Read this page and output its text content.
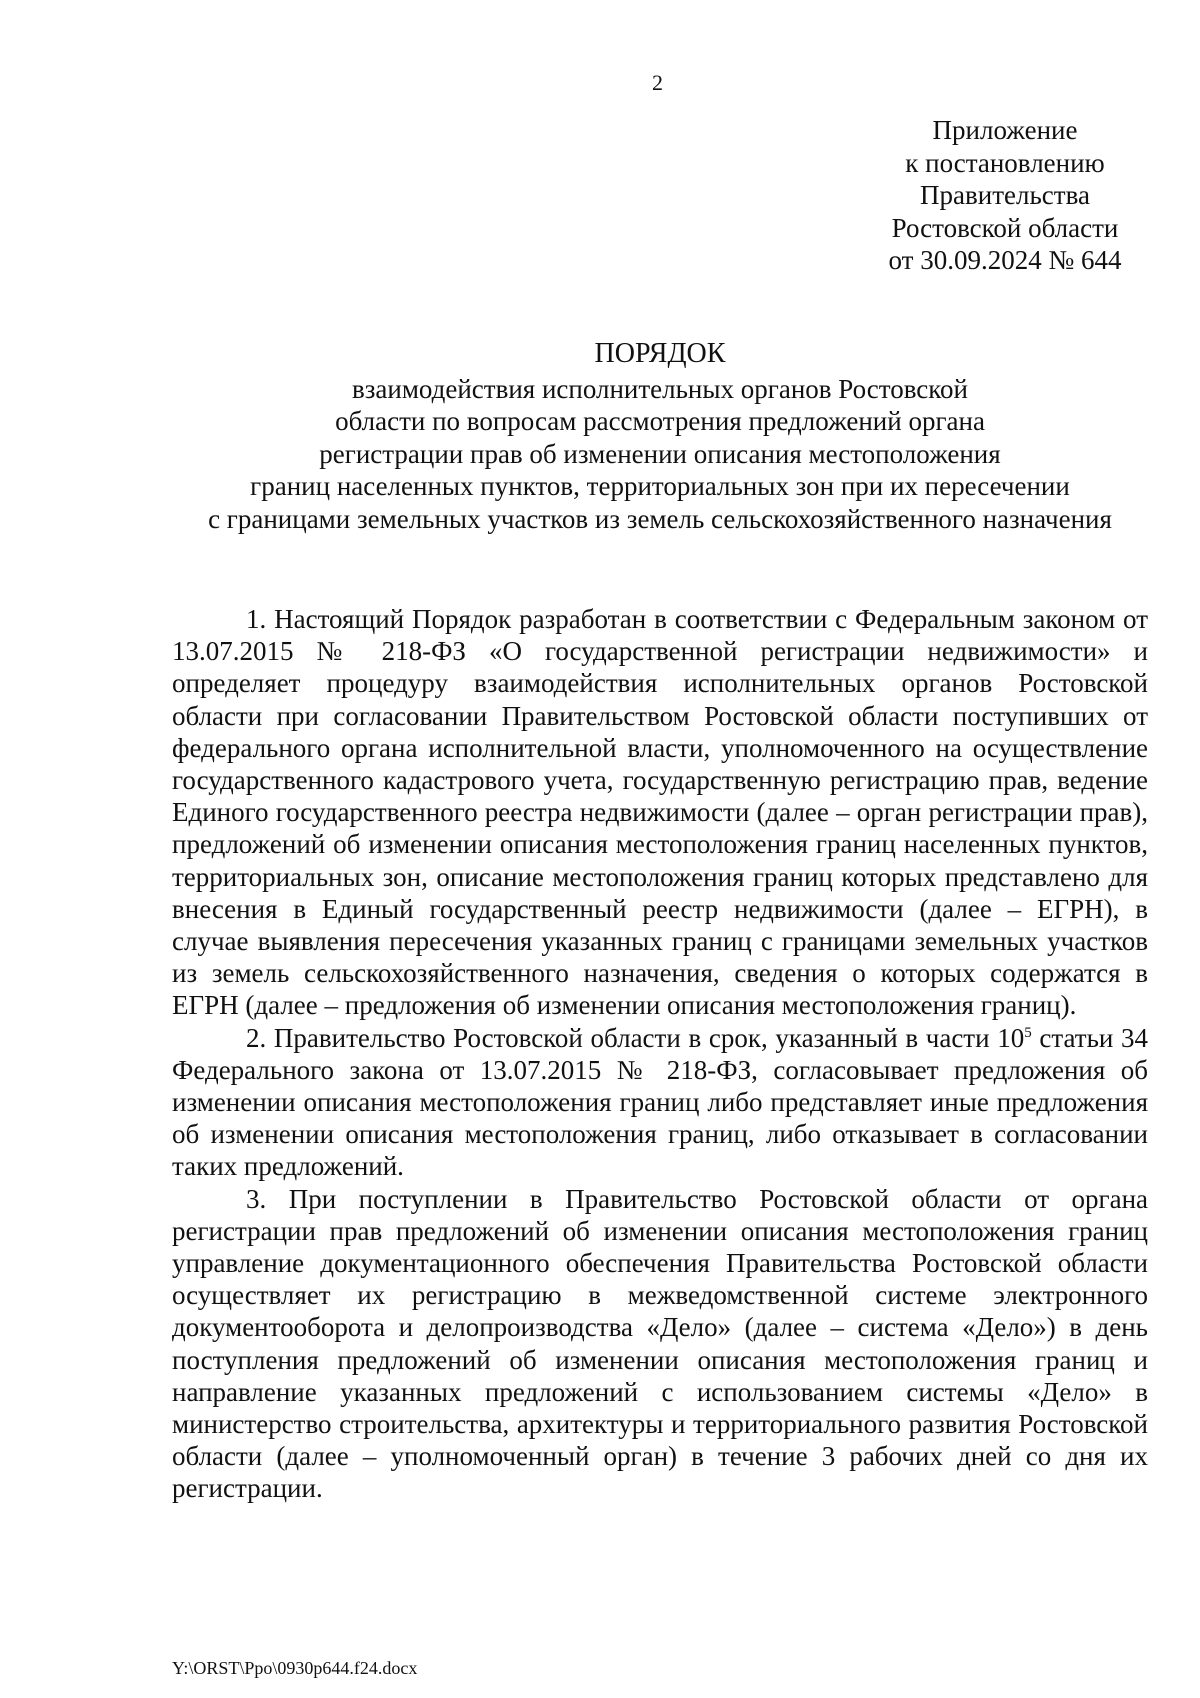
2
Приложение
к постановлению
Правительства
Ростовской области
от 30.09.2024 № 644
ПОРЯДОК
взаимодействия исполнительных органов Ростовской
области по вопросам рассмотрения предложений органа
регистрации прав об изменении описания местоположения
границ населенных пунктов, территориальных зон при их пересечении
с границами земельных участков из земель сельскохозяйственного назначения

1. Настоящий Порядок разработан в соответствии с Федеральным законом от 13.07.2015 № 218-ФЗ «О государственной регистрации недвижимости» и определяет процедуру взаимодействия исполнительных органов Ростовской области при согласовании Правительством Ростовской области поступивших от федерального органа исполнительной власти, уполномоченного на осуществление государственного кадастрового учета, государственную регистрацию прав, ведение Единого государственного реестра недвижимости (далее – орган регистрации прав), предложений об изменении описания местоположения границ населенных пунктов, территориальных зон, описание местоположения границ которых представлено для внесения в Единый государственный реестр недвижимости (далее – ЕГРН), в случае выявления пересечения указанных границ с границами земельных участков из земель сельскохозяйственного назначения, сведения о которых содержатся в ЕГРН (далее – предложения об изменении описания местоположения границ).

2. Правительство Ростовской области в срок, указанный в части $10^5$ статьи 34 Федерального закона от 13.07.2015 № 218-ФЗ, согласовывает предложения об изменении описания местоположения границ либо представляет иные предложения об изменении описания местоположения границ, либо отказывает в согласовании таких предложений.

3. При поступлении в Правительство Ростовской области от органа регистрации прав предложений об изменении описания местоположения границ управление документационного обеспечения Правительства Ростовской области осуществляет их регистрацию в межведомственной системе электронного документооборота и делопроизводства «Дело» (далее – система «Дело») в день поступления предложений об изменении описания местоположения границ и направление указанных предложений с использованием системы «Дело» в министерство строительства, архитектуры и территориального развития Ростовской области (далее – уполномоченный орган) в течение 3 рабочих дней со дня их регистрации.

Y:\ORST\Ppo\0930p644.f24.docx
